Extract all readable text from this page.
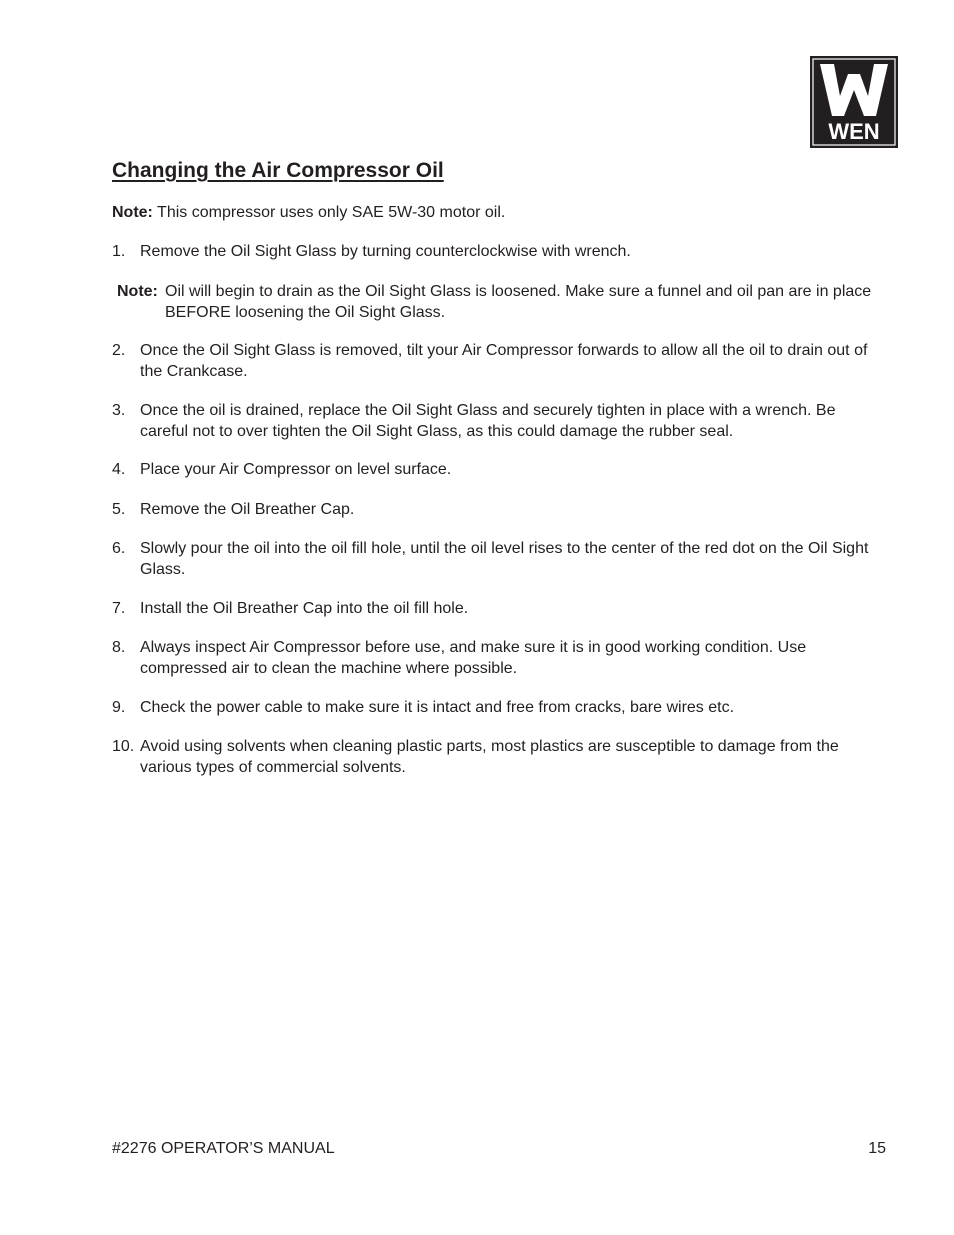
WEN
Changing the Air Compressor Oil

Note: This compressor uses only SAE 5W-30 motor oil.

1. Remove the Oil Sight Glass by turning counterclockwise with wrench.
Note: Oil will begin to drain as the Oil Sight Glass is loosened. Make sure a funnel and oil pan are in place BEFORE loosening the Oil Sight Glass.
2. Once the Oil Sight Glass is removed, tilt your Air Compressor forwards to allow all the oil to drain out of the Crankcase.
3. Once the oil is drained, replace the Oil Sight Glass and securely tighten in place with a wrench. Be careful not to over tighten the Oil Sight Glass, as this could damage the rubber seal.
4. Place your Air Compressor on level surface.
5. Remove the Oil Breather Cap.
6. Slowly pour the oil into the oil fill hole, until the oil level rises to the center of the red dot on the Oil Sight Glass.
7. Install the Oil Breather Cap into the oil fill hole.
8. Always inspect Air Compressor before use, and make sure it is in good working condition. Use compressed air to clean the machine where possible.
9. Check the power cable to make sure it is intact and free from cracks, bare wires etc.
10. Avoid using solvents when cleaning plastic parts, most plastics are susceptible to damage from the various types of commercial solvents.
#2276 OPERATOR’S MANUAL	15
